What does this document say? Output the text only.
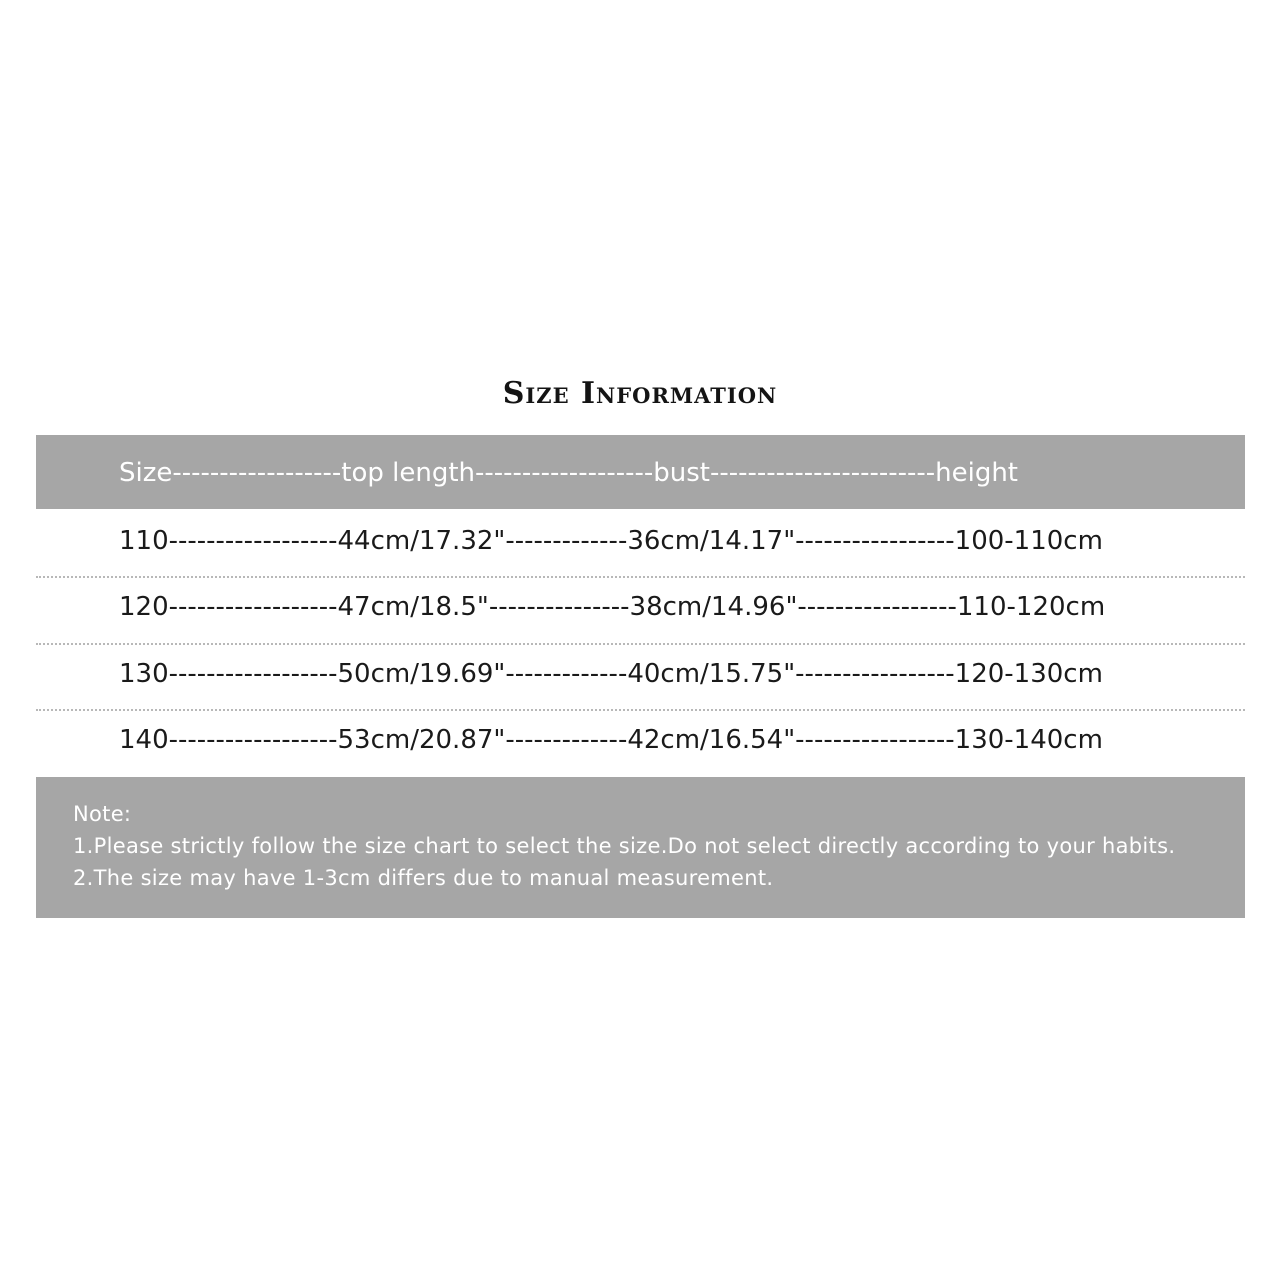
Size Information
Size------------------top length-------------------bust------------------------height
110------------------44cm/17.32"-------------36cm/14.17"-----------------100-110cm
120------------------47cm/18.5"---------------38cm/14.96"-----------------110-120cm
130------------------50cm/19.69"-------------40cm/15.75"-----------------120-130cm
140------------------53cm/20.87"-------------42cm/16.54"-----------------130-140cm
Note:
1.Please strictly follow the size chart to select the size.Do not select directly according to your habits.
2.The size may have 1-3cm differs due to manual measurement.
